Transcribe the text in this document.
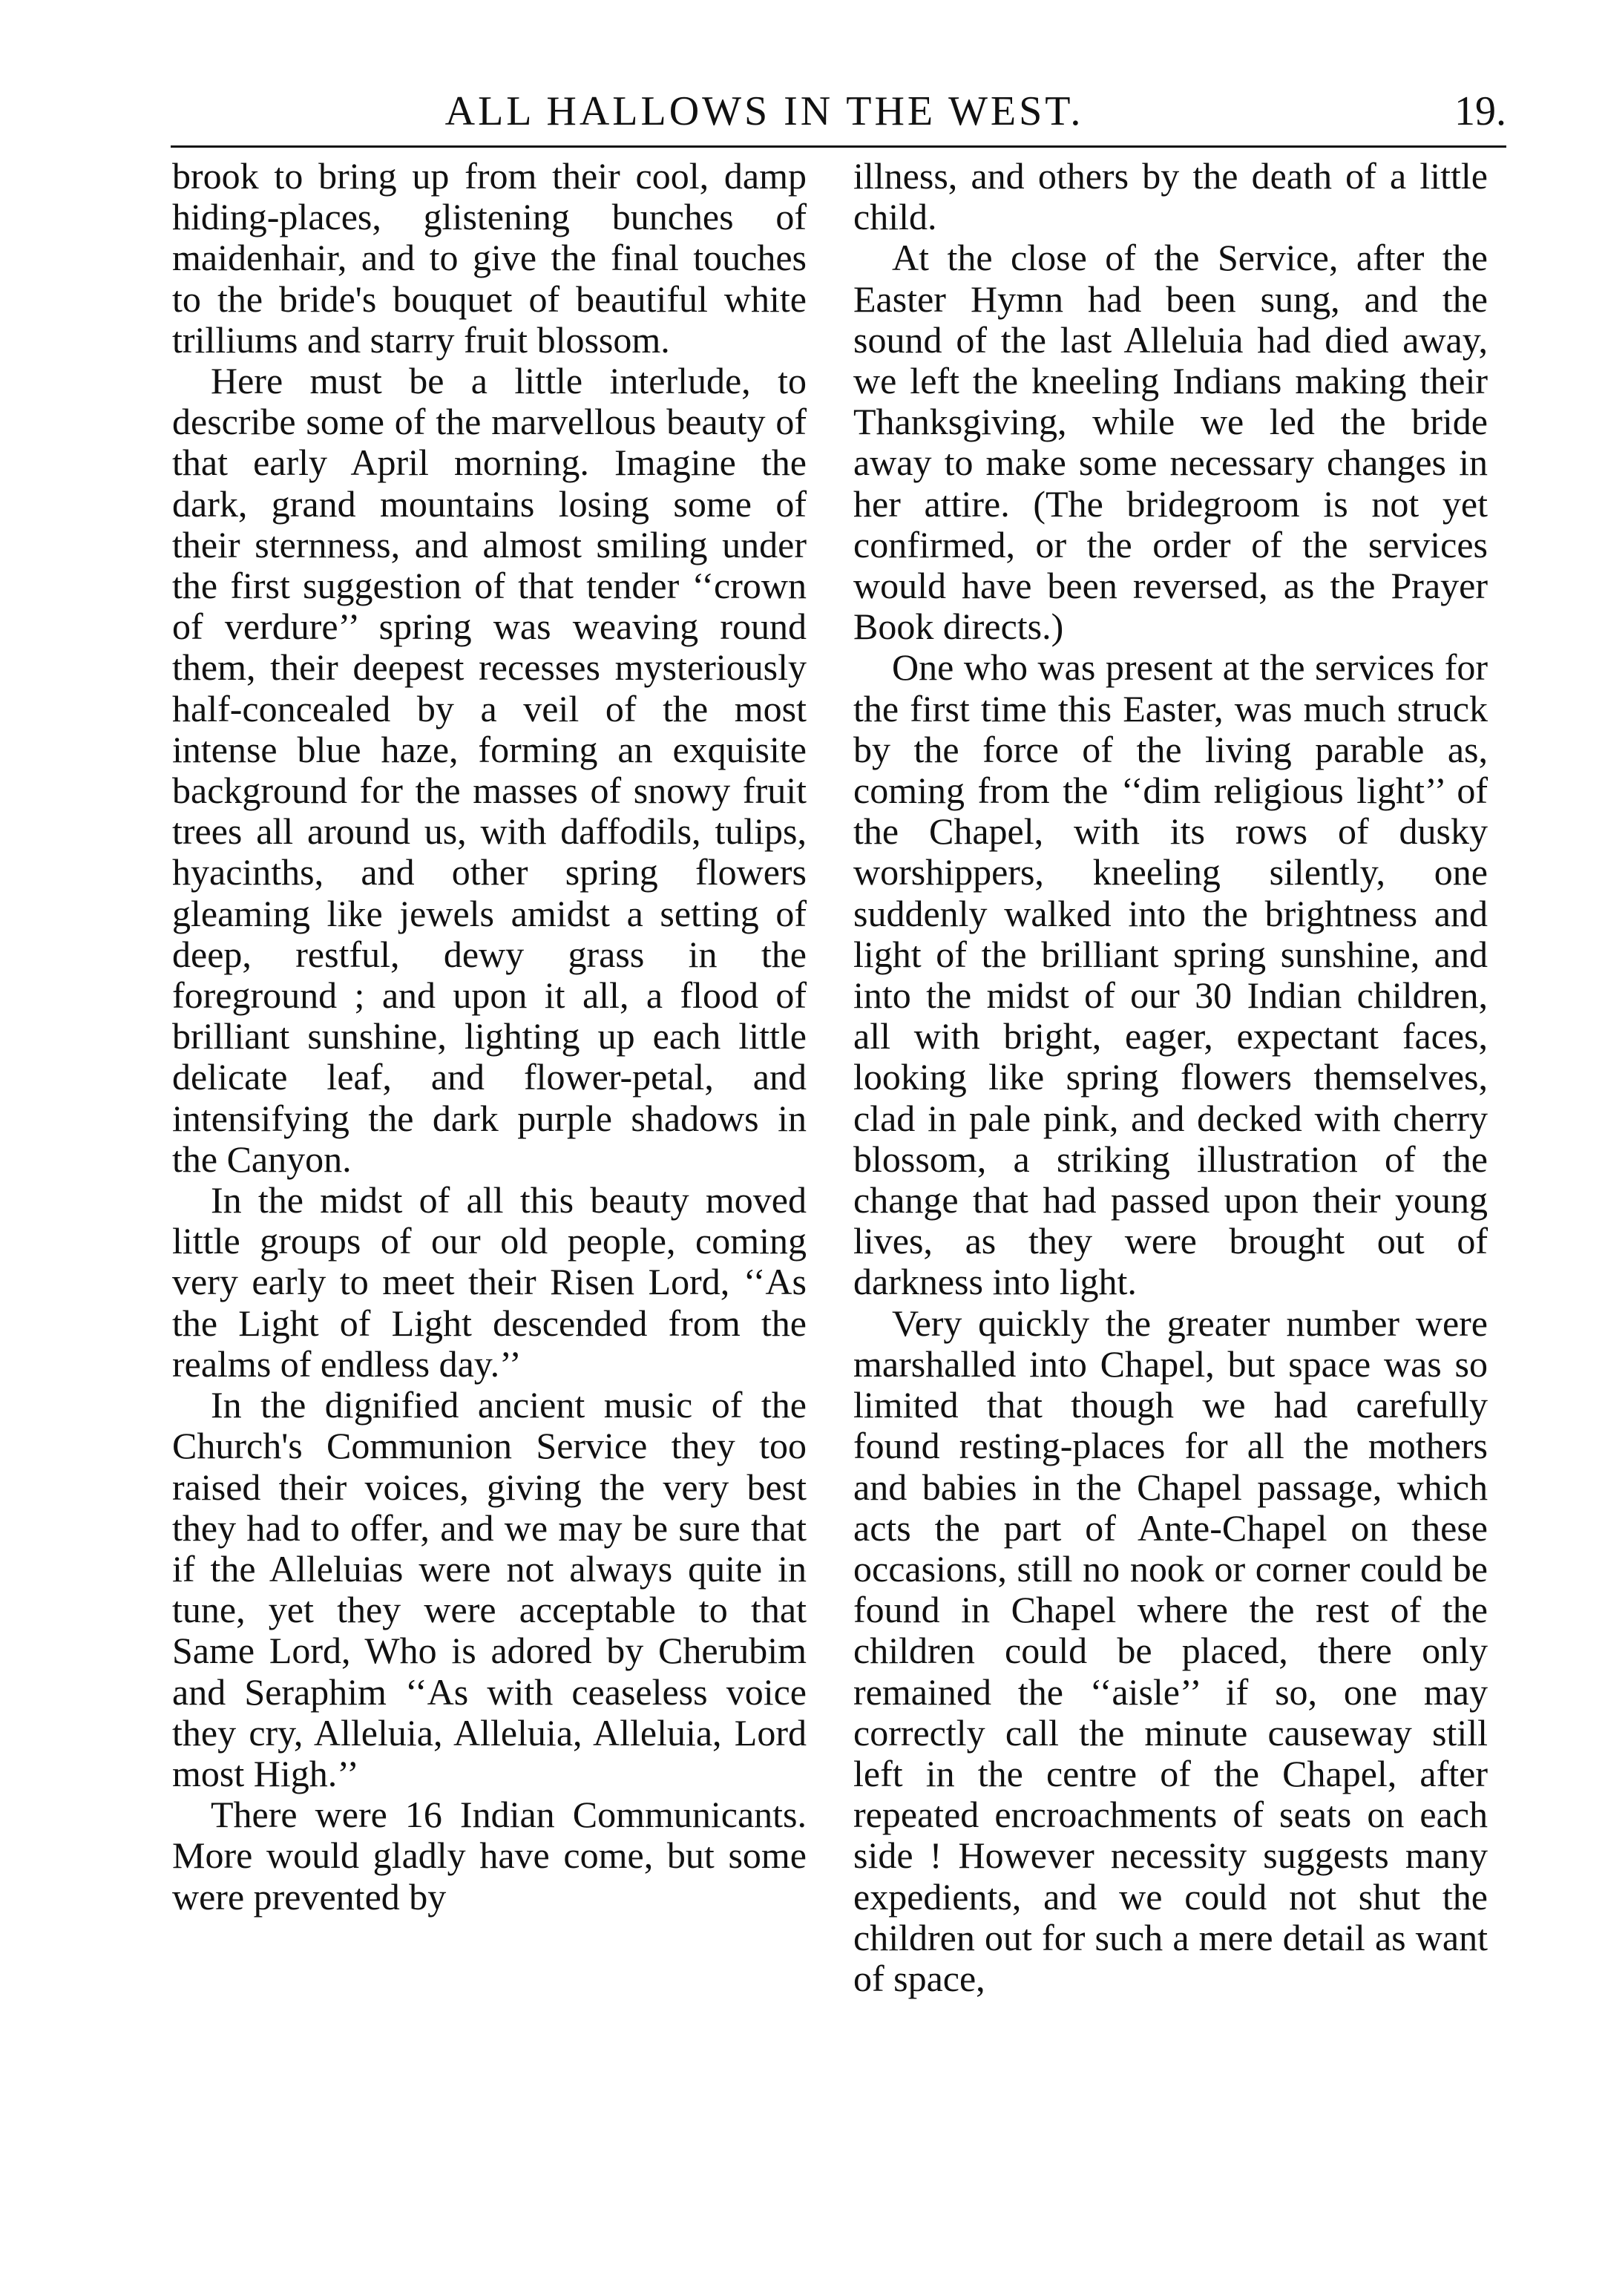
ALL HALLOWS IN THE WEST.	19.

brook to bring up from their cool, damp hiding-places, glistening bunches of maidenhair, and to give the final touches to the bride's bouquet of beautiful white trilliums and starry fruit blossom.

Here must be a little interlude, to describe some of the marvellous beauty of that early April morning. Imagine the dark, grand mountains losing some of their sternness, and almost smiling under the first suggestion of that tender ‘‘crown of verdure’’ spring was weaving round them, their deepest recesses mysteriously half-concealed by a veil of the most intense blue haze, forming an exquisite background for the masses of snowy fruit trees all around us, with daffodils, tulips, hyacinths, and other spring flowers gleaming like jewels amidst a setting of deep, restful, dewy grass in the foreground ; and upon it all, a flood of brilliant sunshine, lighting up each little delicate leaf, and flower-petal, and intensifying the dark purple shadows in the Canyon.

In the midst of all this beauty moved little groups of our old people, coming very early to meet their Risen Lord, ‘‘As the Light of Light descended from the realms of endless day.’’

In the dignified ancient music of the Church's Communion Service they too raised their voices, giving the very best they had to offer, and we may be sure that if the Alleluias were not always quite in tune, yet they were acceptable to that Same Lord, Who is adored by Cherubim and Seraphim ‘‘As with ceaseless voice they cry, Alleluia, Alleluia, Alleluia, Lord most High.’’

There were 16 Indian Communicants. More would gladly have come, but some were prevented by

illness, and others by the death of a little child.

At the close of the Service, after the Easter Hymn had been sung, and the sound of the last Alleluia had died away, we left the kneeling Indians making their Thanksgiving, while we led the bride away to make some necessary changes in her attire. (The bridegroom is not yet confirmed, or the order of the services would have been reversed, as the Prayer Book directs.)

One who was present at the services for the first time this Easter, was much struck by the force of the living parable as, coming from the ‘‘dim religious light’’ of the Chapel, with its rows of dusky worshippers, kneeling silently, one suddenly walked into the brightness and light of the brilliant spring sunshine, and into the midst of our 30 Indian children, all with bright, eager, expectant faces, looking like spring flowers themselves, clad in pale pink, and decked with cherry blossom, a striking illustration of the change that had passed upon their young lives, as they were brought out of darkness into light.

Very quickly the greater number were marshalled into Chapel, but space was so limited that though we had carefully found resting-places for all the mothers and babies in the Chapel passage, which acts the part of Ante-Chapel on these occasions, still no nook or corner could be found in Chapel where the rest of the children could be placed, there only remained the ‘‘aisle’’ if so, one may correctly call the minute causeway still left in the centre of the Chapel, after repeated encroachments of seats on each side ! However necessity suggests many expedients, and we could not shut the children out for such a mere detail as want of space,
